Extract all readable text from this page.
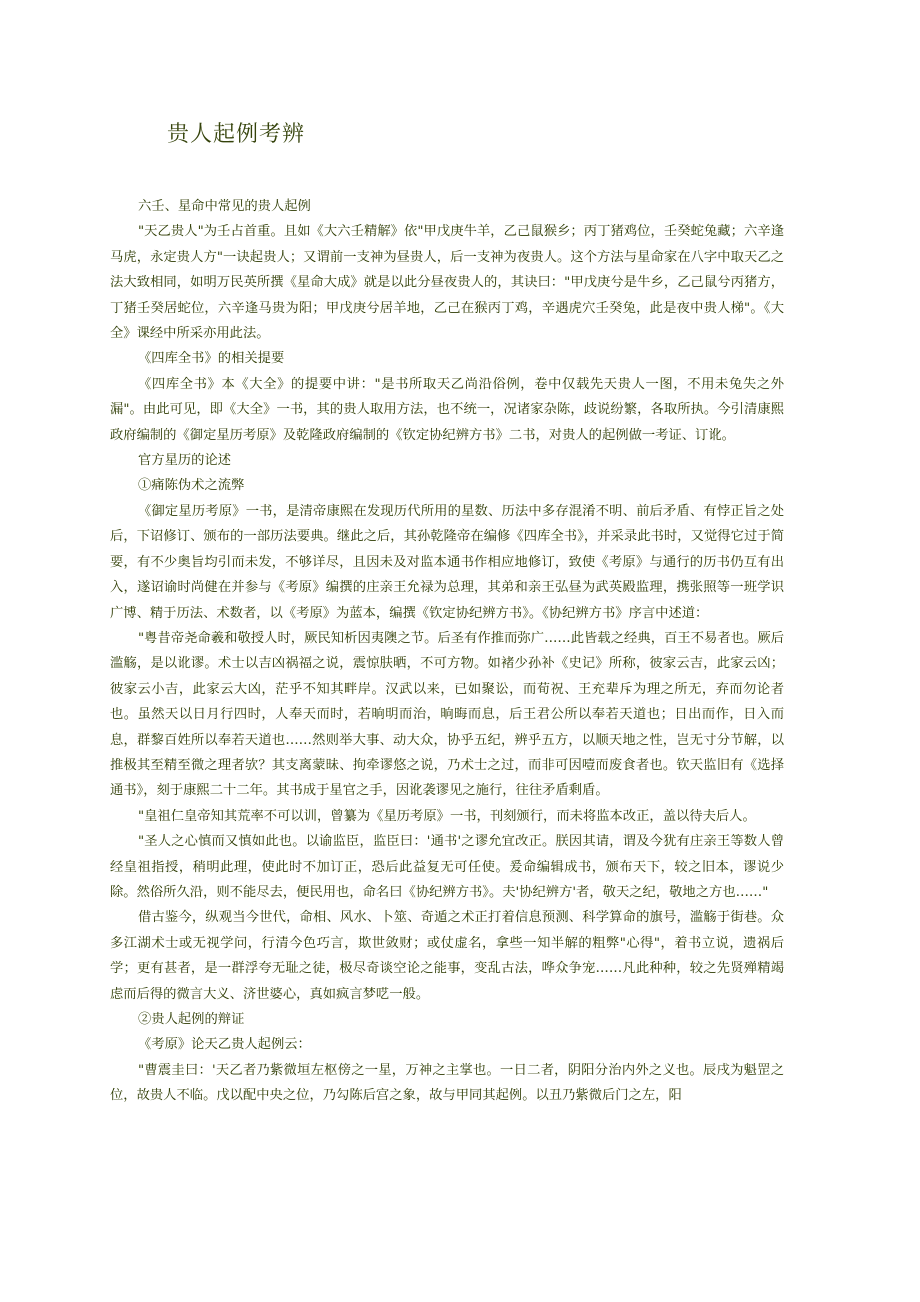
贵人起例考辨

六壬、星命中常见的贵人起例

"天乙贵人"为壬占首重。且如《大六壬精解》依"甲戊庚牛羊，乙己鼠猴乡；丙丁猪鸡位，壬癸蛇兔藏；六辛逢马虎，永定贵人方"一诀起贵人；又谓前一支神为昼贵人，后一支神为夜贵人。这个方法与星命家在八字中取天乙之法大致相同，如明万民英所撰《星命大成》就是以此分昼夜贵人的，其诀曰："甲戊庚兮是牛乡，乙己鼠兮丙猪方，丁猪壬癸居蛇位，六辛逢马贵为阳；甲戊庚兮居羊地，乙己在猴丙丁鸡，辛遇虎穴壬癸兔，此是夜中贵人梯"。《大全》课经中所采亦用此法。

《四库全书》的相关提要

《四库全书》本《大全》的提要中讲："是书所取天乙尚沿俗例，卷中仅载先天贵人一图，不用未兔失之外漏"。由此可见，即《大全》一书，其的贵人取用方法，也不统一，况诸家杂陈，歧说纷繁，各取所执。今引清康熙政府编制的《御定星历考原》及乾隆政府编制的《钦定协纪辨方书》二书，对贵人的起例做一考证、订讹。

官方星历的论述

①痛陈伪术之流弊

《御定星历考原》一书，是清帝康熙在发现历代所用的星数、历法中多存混淆不明、前后矛盾、有悖正旨之处后，下诏修订、颁布的一部历法要典。继此之后，其孙乾隆帝在编修《四库全书》，并采录此书时，又觉得它过于简要，有不少奥旨均引而未发，不够详尽，且因未及对监本通书作相应地修订，致使《考原》与通行的历书仍互有出入，遂诏谕时尚健在并参与《考原》编撰的庄亲王允禄为总理，其弟和亲王弘昼为武英殿监理，携张照等一班学识广博、精于历法、术数者，以《考原》为蓝本，编撰《钦定协纪辨方书》。《协纪辨方书》序言中述道：

"粤昔帝尧命羲和敬授人时，厥民知析因夷隩之节。后圣有作推而弥广……此皆载之经典，百王不易者也。厥后滥觞，是以讹谬。术士以吉凶祸福之说，震惊肤晒，不可方物。如褚少孙补《史记》所称，彼家云吉，此家云凶；彼家云小吉，此家云大凶，茫乎不知其畔岸。汉武以来，已如聚讼，而荀祝、王充辈斥为理之所无，弃而勿论者也。虽然天以日月行四时，人奉天而时，若晌明而治，晌晦而息，后王君公所以奉若天道也；日出而作，日入而息，群黎百姓所以奉若天道也……然则举大事、动大众，协乎五纪，辨乎五方，以顺天地之性，岂无寸分节解，以推极其至精至微之理者欤？其支离蒙昧、拘牵谬悠之说，乃术士之过，而非可因噎而废食者也。钦天监旧有《选择通书》，刻于康熙二十二年。其书成于星官之手，因讹袭谬见之施行，往往矛盾剩盾。

"皇祖仁皇帝知其荒率不可以训，曾纂为《星历考原》一书，刊刻颁行，而未将监本改正，盖以待夫后人。

"圣人之心慎而又慎如此也。以谕监臣，监臣曰：'通书'之谬允宜改正。朕因其请，谓及今犹有庄亲王等数人曾经皇祖指授，稍明此理，使此时不加订正，恐后此益复无可任使。爰命编辑成书，颁布天下，较之旧本，谬说少除。然俗所久沿，则不能尽去，便民用也，命名曰《协纪辨方书》。夫'协纪辨方'者，敬天之纪，敬地之方也……"

借古鉴今，纵观当今世代，命相、风水、卜筮、奇遁之术正打着信息预测、科学算命的旗号，滥觞于街巷。众多江湖术士或无视学问，行清今色巧言，欺世敛财；或仗虚名，拿些一知半解的粗弊"心得"，着书立说，遗祸后学；更有甚者，是一群浮夸无耻之徒，极尽奇谈空论之能事，变乱古法，哗众争宠……凡此种种，较之先贤殚精竭虑而后得的微言大义、济世婆心，真如疯言梦呓一般。

②贵人起例的辩证

《考原》论天乙贵人起例云：

"曹震圭曰：'天乙者乃紫微垣左枢傍之一星，万神之主掌也。一日二者，阴阳分治内外之义也。辰戌为魁罡之位，故贵人不临。戊以配中央之位，乃勾陈后宫之象，故与甲同其起例。以丑乃紫微后门之左，阳
